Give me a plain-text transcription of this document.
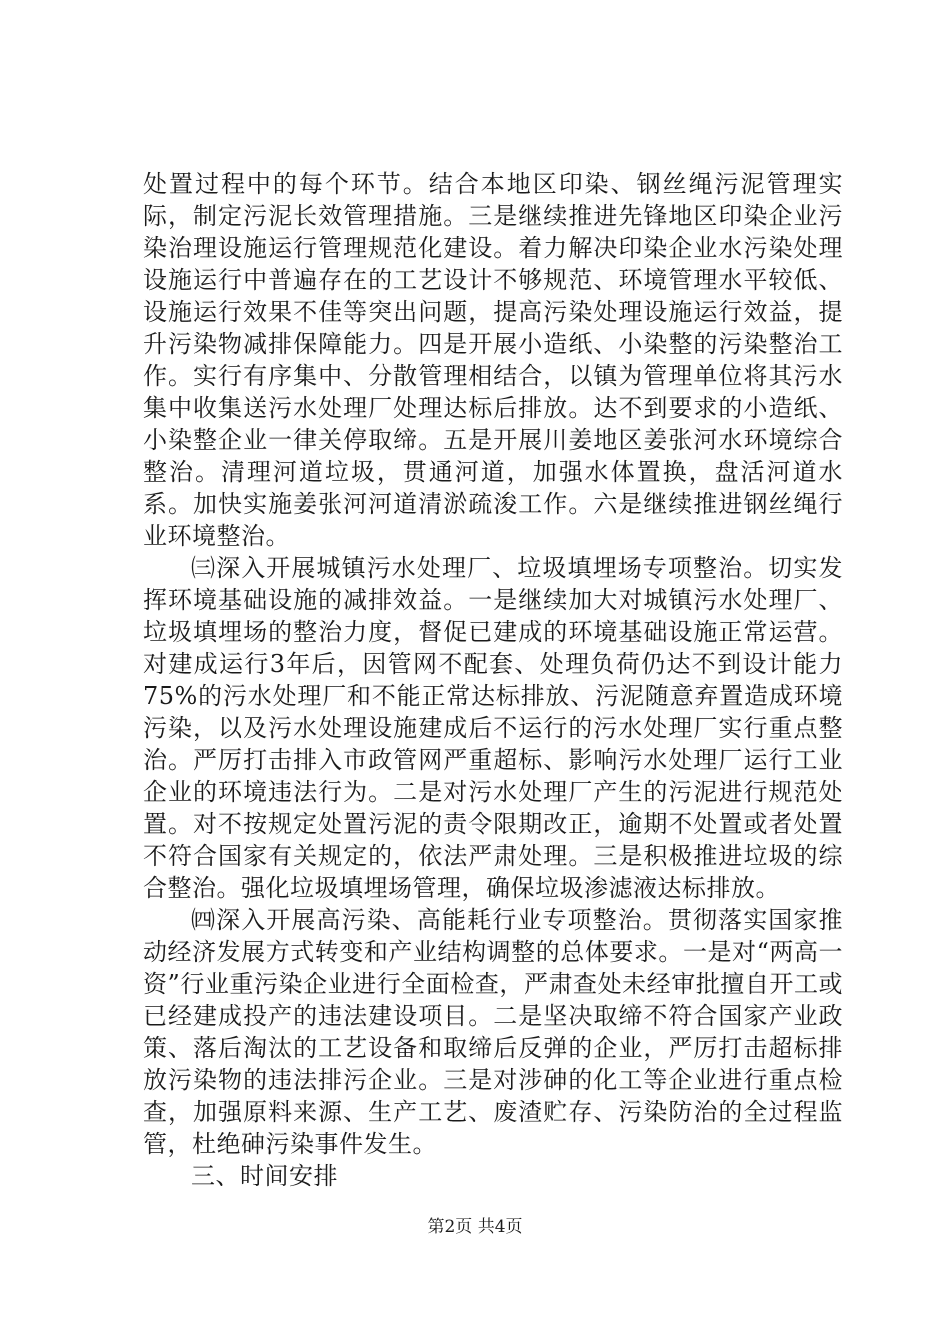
处置过程中的每个环节。结合本地区印染、钢丝绳污泥管理实际，制定污泥长效管理措施。三是继续推进先锋地区印染企业污染治理设施运行管理规范化建设。着力解决印染企业水污染处理设施运行中普遍存在的工艺设计不够规范、环境管理水平较低、设施运行效果不佳等突出问题，提高污染处理设施运行效益，提升污染物减排保障能力。四是开展小造纸、小染整的污染整治工作。实行有序集中、分散管理相结合，以镇为管理单位将其污水集中收集送污水处理厂处理达标后排放。达不到要求的小造纸、小染整企业一律关停取缔。五是开展川姜地区姜张河水环境综合整治。清理河道垃圾，贯通河道，加强水体置换，盘活河道水系。加快实施姜张河河道清淤疏浚工作。六是继续推进钢丝绳行业环境整治。

㈢深入开展城镇污水处理厂、垃圾填埋场专项整治。切实发挥环境基础设施的减排效益。一是继续加大对城镇污水处理厂、垃圾填埋场的整治力度，督促已建成的环境基础设施正常运营。对建成运行3年后，因管网不配套、处理负荷仍达不到设计能力75%的污水处理厂和不能正常达标排放、污泥随意弃置造成环境污染，以及污水处理设施建成后不运行的污水处理厂实行重点整治。严厉打击排入市政管网严重超标、影响污水处理厂运行工业企业的环境违法行为。二是对污水处理厂产生的污泥进行规范处置。对不按规定处置污泥的责令限期改正，逾期不处置或者处置不符合国家有关规定的，依法严肃处理。三是积极推进垃圾的综合整治。强化垃圾填埋场管理，确保垃圾渗滤液达标排放。

㈣深入开展高污染、高能耗行业专项整治。贯彻落实国家推动经济发展方式转变和产业结构调整的总体要求。一是对“两高一资”行业重污染企业进行全面检查，严肃查处未经审批擅自开工或已经建成投产的违法建设项目。二是坚决取缔不符合国家产业政策、落后淘汰的工艺设备和取缔后反弹的企业，严厉打击超标排放污染物的违法排污企业。三是对涉砷的化工等企业进行重点检查，加强原料来源、生产工艺、废渣贮存、污染防治的全过程监管，杜绝砷污染事件发生。

三、时间安排

第2页 共4页
